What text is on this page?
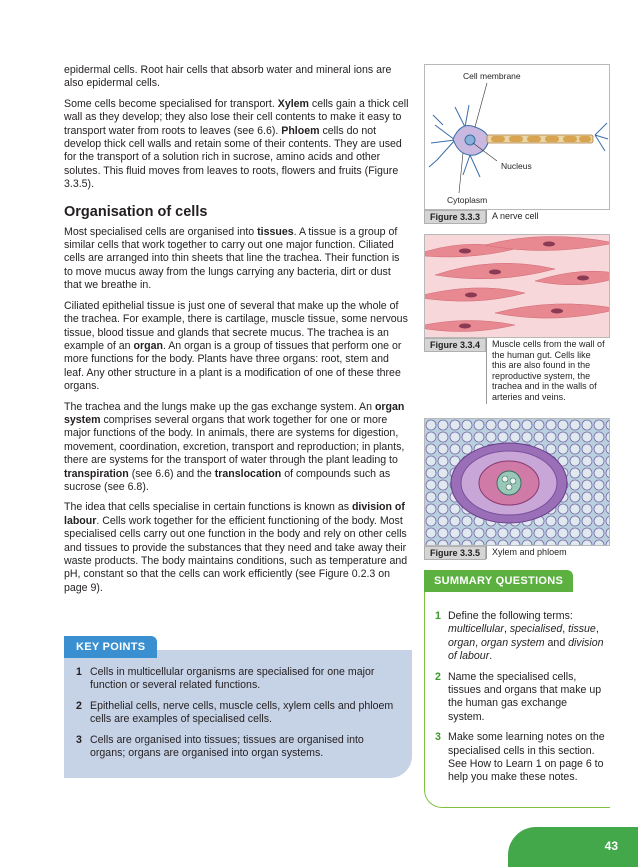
epidermal cells. Root hair cells that absorb water and mineral ions are also epidermal cells.

Some cells become specialised for transport. Xylem cells gain a thick cell wall as they develop; they also lose their cell contents to make it easy to transport water from roots to leaves (see 6.6). Phloem cells do not develop thick cell walls and retain some of their contents. They are used for the transport of a solution rich in sucrose, amino acids and other solutes. This fluid moves from leaves to roots, flowers and fruits (Figure 3.3.5).

Organisation of cells

Most specialised cells are organised into tissues. A tissue is a group of similar cells that work together to carry out one major function. Ciliated cells are arranged into thin sheets that line the trachea. Their function is to move mucus away from the lungs carrying any bacteria, dirt or dust that we breathe in.

Ciliated epithelial tissue is just one of several that make up the whole of the trachea. For example, there is cartilage, muscle tissue, some nervous tissue, blood tissue and glands that secrete mucus. The trachea is an example of an organ. An organ is a group of tissues that perform one or more functions for the body. Plants have three organs: root, stem and leaf. Any other structure in a plant is a modification of one of these three organs.

The trachea and the lungs make up the gas exchange system. An organ system comprises several organs that work together for one or more major functions of the body. In animals, there are systems for digestion, movement, coordination, excretion, transport and reproduction; in plants, there are systems for the transport of water through the plant leading to transpiration (see 6.6) and the translocation of compounds such as sucrose (see 6.8).

The idea that cells specialise in certain functions is known as division of labour. Cells work together for the efficient functioning of the body. Most specialised cells carry out one function in the body and rely on other cells and tissues to provide the substances that they need and take away their waste products. The body maintains conditions, such as temperature and pH, constant so that the cells can work efficiently (see Figure 0.2.3 on page 9).

1 Cells in multicellular organisms are specialised for one major function or several related functions.
2 Epithelial cells, nerve cells, muscle cells, xylem cells and phloem cells are examples of specialised cells.
3 Cells are organised into tissues; tissues are organised into organs; organs are organised into organ systems.
KEY POINTS
Cell membrane
Nucleus
Cytoplasm
Figure 3.3.3	A nerve cell
Figure 3.3.4	Muscle cells from the wall of the human gut. Cells like this are also found in the reproductive system, the trachea and in the walls of arteries and veins.
Figure 3.3.5	Xylem and phloem
1 Define the following terms: multicellular, specialised, tissue, organ, organ system and division of labour.
2 Name the specialised cells, tissues and organs that make up the human gas exchange system.
3 Make some learning notes on the specialised cells in this section. See How to Learn 1 on page 6 to help you make these notes.
SUMMARY QUESTIONS
43
